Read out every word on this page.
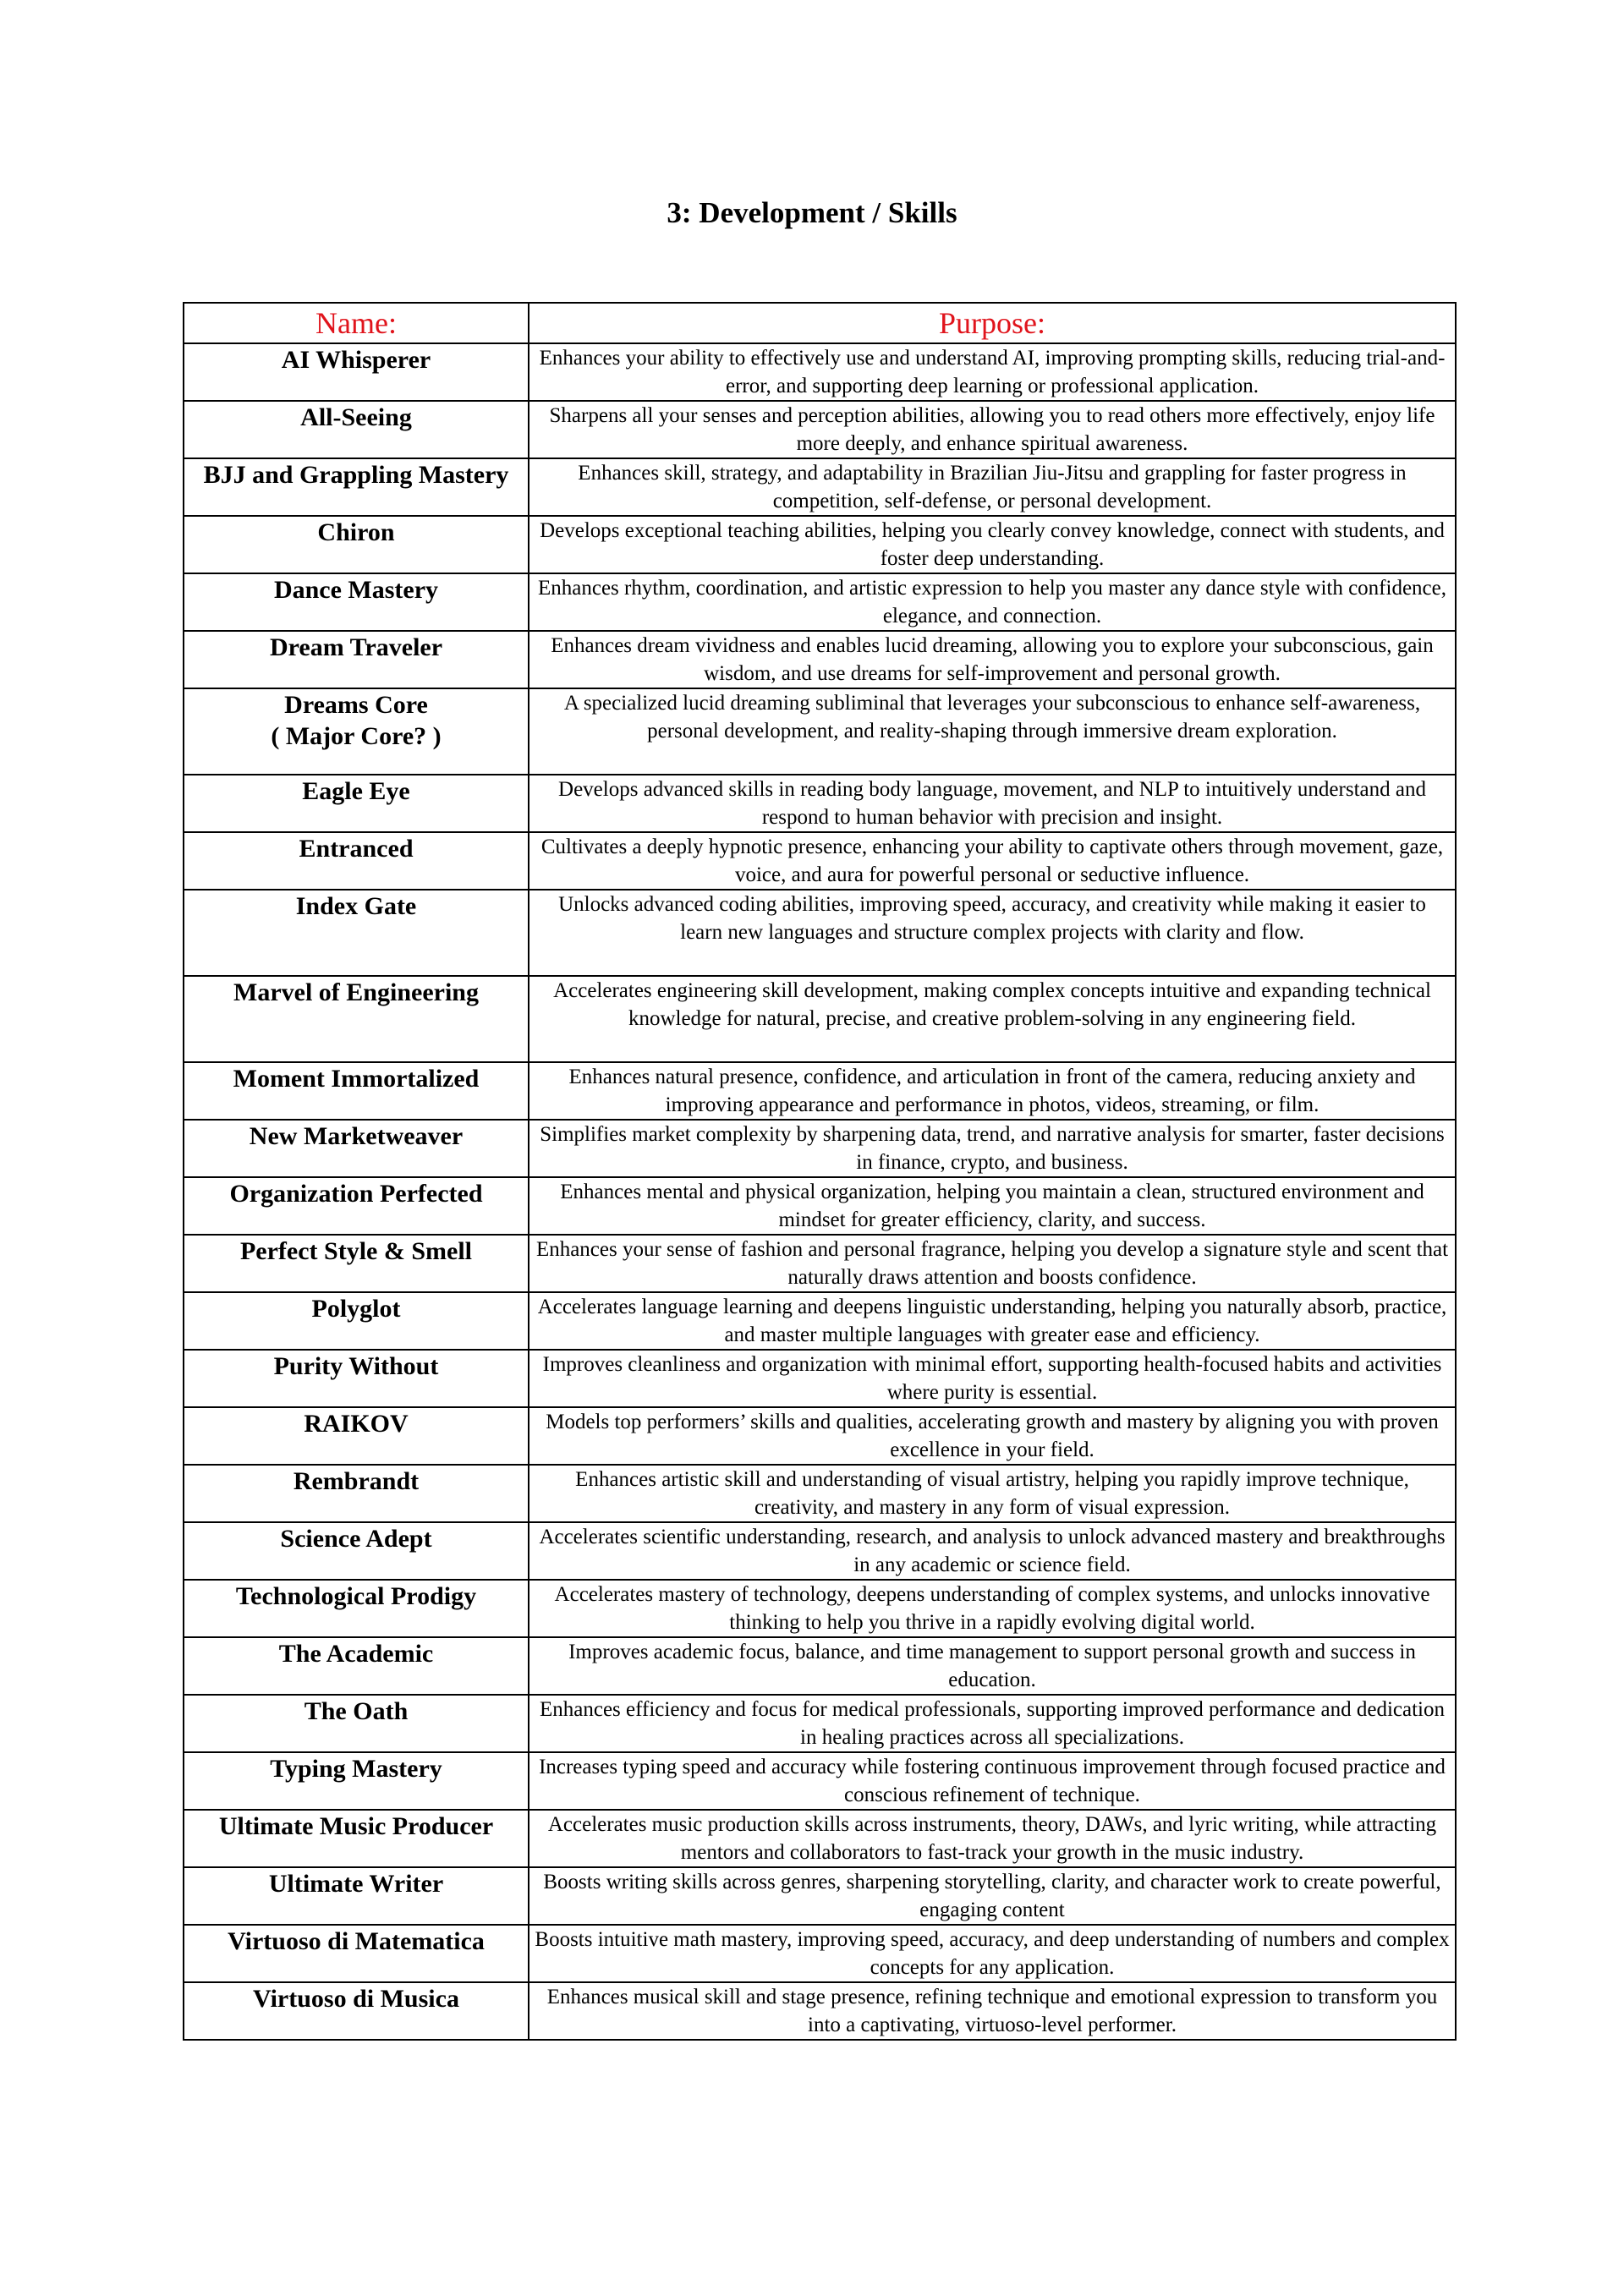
3: Development / Skills
Name:	Purpose:
AI Whisperer	Enhances your ability to effectively use and understand AI, improving prompting skills, reducing trial-and-error, and supporting deep learning or professional application.
All-Seeing	Sharpens all your senses and perception abilities, allowing you to read others more effectively, enjoy life more deeply, and enhance spiritual awareness.
BJJ and Grappling Mastery	Enhances skill, strategy, and adaptability in Brazilian Jiu-Jitsu and grappling for faster progress in competition, self-defense, or personal development.
Chiron	Develops exceptional teaching abilities, helping you clearly convey knowledge, connect with students, and foster deep understanding.
Dance Mastery	Enhances rhythm, coordination, and artistic expression to help you master any dance style with confidence, elegance, and connection.
Dream Traveler	Enhances dream vividness and enables lucid dreaming, allowing you to explore your subconscious, gain wisdom, and use dreams for self-improvement and personal growth.

Dreams Core
( Major Core? )	A specialized lucid dreaming subliminal that leverages your subconscious to enhance self-awareness, personal development, and reality-shaping through immersive dream exploration.
Eagle Eye	Develops advanced skills in reading body language, movement, and NLP to intuitively understand and respond to human behavior with precision and insight.
Entranced	Cultivates a deeply hypnotic presence, enhancing your ability to captivate others through movement, gaze, voice, and aura for powerful personal or seductive influence.
Index Gate	Unlocks advanced coding abilities, improving speed, accuracy, and creativity while making it easier to learn new languages and structure complex projects with clarity and flow.
Marvel of Engineering	Accelerates engineering skill development, making complex concepts intuitive and expanding technical knowledge for natural, precise, and creative problem-solving in any engineering field.
Moment Immortalized	Enhances natural presence, confidence, and articulation in front of the camera, reducing anxiety and improving appearance and performance in photos, videos, streaming, or film.
New Marketweaver	Simplifies market complexity by sharpening data, trend, and narrative analysis for smarter, faster decisions in finance, crypto, and business.
Organization Perfected	Enhances mental and physical organization, helping you maintain a clean, structured environment and mindset for greater efficiency, clarity, and success.
Perfect Style & Smell	Enhances your sense of fashion and personal fragrance, helping you develop a signature style and scent that naturally draws attention and boosts confidence.
Polyglot	Accelerates language learning and deepens linguistic understanding, helping you naturally absorb, practice, and master multiple languages with greater ease and efficiency.
Purity Without	Improves cleanliness and organization with minimal effort, supporting health-focused habits and activities where purity is essential.
RAIKOV	Models top performers’ skills and qualities, accelerating growth and mastery by aligning you with proven excellence in your field.
Rembrandt	Enhances artistic skill and understanding of visual artistry, helping you rapidly improve technique, creativity, and mastery in any form of visual expression.
Science Adept	Accelerates scientific understanding, research, and analysis to unlock advanced mastery and breakthroughs in any academic or science field.
Technological Prodigy	Accelerates mastery of technology, deepens understanding of complex systems, and unlocks innovative thinking to help you thrive in a rapidly evolving digital world.
The Academic	Improves academic focus, balance, and time management to support personal growth and success in education.
The Oath	Enhances efficiency and focus for medical professionals, supporting improved performance and dedication in healing practices across all specializations.
Typing Mastery	Increases typing speed and accuracy while fostering continuous improvement through focused practice and conscious refinement of technique.
Ultimate Music Producer	Accelerates music production skills across instruments, theory, DAWs, and lyric writing, while attracting mentors and collaborators to fast-track your growth in the music industry.
Ultimate Writer	Boosts writing skills across genres, sharpening storytelling, clarity, and character work to create powerful, engaging content
Virtuoso di Matematica	Boosts intuitive math mastery, improving speed, accuracy, and deep understanding of numbers and complex concepts for any application.
Virtuoso di Musica	Enhances musical skill and stage presence, refining technique and emotional expression to transform you into a captivating, virtuoso-level performer.
